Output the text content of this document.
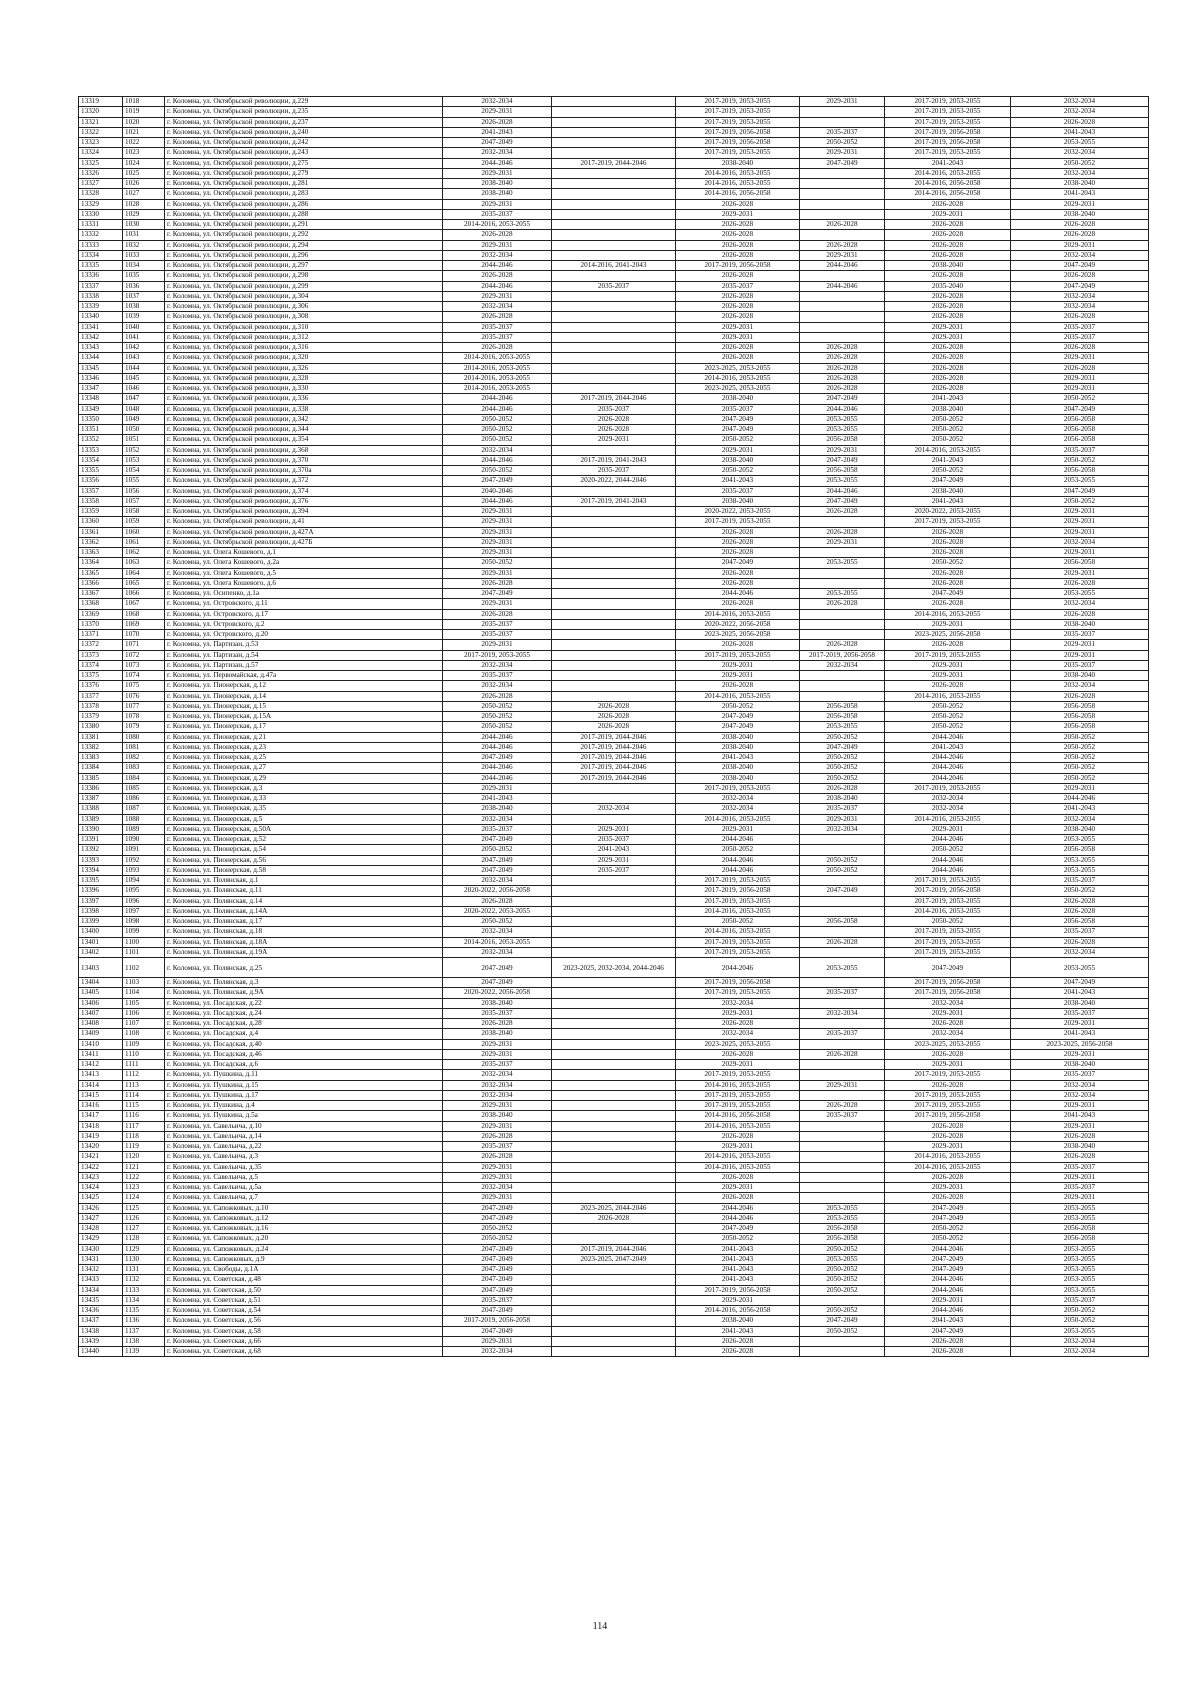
13319	1018	г. Коломна, ул. Октябрьской революции, д.229	2032-2034		2017-2019, 2053-2055	2029-2031	2017-2019, 2053-2055	2032-2034
13320	1019	г. Коломна, ул. Октябрьской революции, д.235	2029-2031		2017-2019, 2053-2055		2017-2019, 2053-2055	2032-2034
13321	1020	г. Коломна, ул. Октябрьской революции, д.237	2026-2028		2017-2019, 2053-2055		2017-2019, 2053-2055	2026-2028
13322	1021	г. Коломна, ул. Октябрьской революции, д.240	2041-2043		2017-2019, 2056-2058	2035-2037	2017-2019, 2056-2058	2041-2043
13323	1022	г. Коломна, ул. Октябрьской революции, д.242	2047-2049		2017-2019, 2056-2058	2050-2052	2017-2019, 2056-2058	2053-2055
13324	1023	г. Коломна, ул. Октябрьской революции, д.243	2032-2034		2017-2019, 2053-2055	2029-2031	2017-2019, 2053-2055	2032-2034
13325	1024	г. Коломна, ул. Октябрьской революции, д.275	2044-2046	2017-2019, 2044-2046	2038-2040	2047-2049	2041-2043	2050-2052
13326	1025	г. Коломна, ул. Октябрьской революции, д.279	2029-2031		2014-2016, 2053-2055		2014-2016, 2053-2055	2032-2034
13327	1026	г. Коломна, ул. Октябрьской революции, д.281	2038-2040		2014-2016, 2053-2055		2014-2016, 2056-2058	2038-2040
13328	1027	г. Коломна, ул. Октябрьской революции, д.283	2038-2040		2014-2016, 2056-2058		2014-2016, 2056-2058	2041-2043
13329	1028	г. Коломна, ул. Октябрьской революции, д.286	2029-2031		2026-2028		2026-2028	2029-2031
13330	1029	г. Коломна, ул. Октябрьской революции, д.288	2035-2037		2029-2031		2029-2031	2038-2040
13331	1030	г. Коломна, ул. Октябрьской революции, д.291	2014-2016, 2053-2055		2026-2028	2026-2028	2026-2028	2026-2028
13332	1031	г. Коломна, ул. Октябрьской революции, д.292	2026-2028		2026-2028		2026-2028	2026-2028
13333	1032	г. Коломна, ул. Октябрьской революции, д.294	2029-2031		2026-2028	2026-2028	2026-2028	2029-2031
13334	1033	г. Коломна, ул. Октябрьской революции, д.296	2032-2034		2026-2028	2029-2031	2026-2028	2032-2034
13335	1034	г. Коломна, ул. Октябрьской революции, д.297	2044-2046	2014-2016, 2041-2043	2017-2019, 2056-2058	2044-2046	2038-2040	2047-2049
13336	1035	г. Коломна, ул. Октябрьской революции, д.298	2026-2028		2026-2028		2026-2028	2026-2028
13337	1036	г. Коломна, ул. Октябрьской революции, д.299	2044-2046	2035-2037	2035-2037	2044-2046	2035-2040	2047-2049
13338	1037	г. Коломна, ул. Октябрьской революции, д.304	2029-2031		2026-2028		2026-2028	2032-2034
13339	1038	г. Коломна, ул. Октябрьской революции, д.306	2032-2034		2026-2028		2026-2028	2032-2034
13340	1039	г. Коломна, ул. Октябрьской революции, д.308	2026-2028		2026-2028		2026-2028	2026-2028
13341	1040	г. Коломна, ул. Октябрьской революции, д.310	2035-2037		2029-2031		2029-2031	2035-2037
13342	1041	г. Коломна, ул. Октябрьской революции, д.312	2035-2037		2029-2031		2029-2031	2035-2037
13343	1042	г. Коломна, ул. Октябрьской революции, д.316	2026-2028		2026-2028	2026-2028	2026-2028	2026-2028
13344	1043	г. Коломна, ул. Октябрьской революции, д.320	2014-2016, 2053-2055		2026-2028	2026-2028	2026-2028	2029-2031
13345	1044	г. Коломна, ул. Октябрьской революции, д.326	2014-2016, 2053-2055		2023-2025, 2053-2055	2026-2028	2026-2028	2026-2028
13346	1045	г. Коломна, ул. Октябрьской революции, д.328	2014-2016, 2053-2055		2014-2016, 2053-2055	2026-2028	2026-2028	2029-2031
13347	1046	г. Коломна, ул. Октябрьской революции, д.330	2014-2016, 2053-2055		2023-2025, 2053-2055	2026-2028	2026-2028	2029-2031
13348	1047	г. Коломна, ул. Октябрьской революции, д.336	2044-2046	2017-2019, 2044-2046	2038-2040	2047-2049	2041-2043	2050-2052
13349	1048	г. Коломна, ул. Октябрьской революции, д.338	2044-2046	2035-2037	2035-2037	2044-2046	2038-2040	2047-2049
13350	1049	г. Коломна, ул. Октябрьской революции, д.342	2050-2052	2026-2028	2047-2049	2053-2055	2050-2052	2056-2058
13351	1050	г. Коломна, ул. Октябрьской революции, д.344	2050-2052	2026-2028	2047-2049	2053-2055	2050-2052	2056-2058
13352	1051	г. Коломна, ул. Октябрьской революции, д.354	2050-2052	2029-2031	2050-2052	2056-2058	2050-2052	2056-2058
13353	1052	г. Коломна, ул. Октябрьской революции, д.368	2032-2034		2029-2031	2029-2031	2014-2016, 2053-2055	2035-2037
13354	1053	г. Коломна, ул. Октябрьской революции, д.370	2044-2046	2017-2019, 2041-2043	2038-2040	2047-2049	2041-2043	2050-2052
13355	1054	г. Коломна, ул. Октябрьской революции, д.370а	2050-2052	2035-2037	2050-2052	2056-2058	2050-2052	2056-2058
13356	1055	г. Коломна, ул. Октябрьской революции, д.372	2047-2049	2020-2022, 2044-2046	2041-2043	2053-2055	2047-2049	2053-2055
13357	1056	г. Коломна, ул. Октябрьской революции, д.374	2040-2046		2035-2037	2044-2046	2038-2040	2047-2049
13358	1057	г. Коломна, ул. Октябрьской революции, д.376	2044-2046	2017-2019, 2041-2043	2038-2040	2047-2049	2041-2043	2050-2052
13359	1058	г. Коломна, ул. Октябрьской революции, д.394	2029-2031		2020-2022, 2053-2055	2026-2028	2020-2022, 2053-2055	2029-2031
13360	1059	г. Коломна, ул. Октябрьской революции, д.41	2029-2031		2017-2019, 2053-2055		2017-2019, 2053-2055	2029-2031
13361	1060	г. Коломна, ул. Октябрьской революции, д.427А	2029-2031		2026-2028	2026-2028	2026-2028	2029-2031
13362	1061	г. Коломна, ул. Октябрьской революции, д.427Б	2029-2031		2026-2028	2029-2031	2026-2028	2032-2034
13363	1062	г. Коломна, ул. Олега Кошевого, д.1	2029-2031		2026-2028		2026-2028	2029-2031
13364	1063	г. Коломна, ул. Олега Кошевого, д.2а	2050-2052		2047-2049	2053-2055	2050-2052	2056-2058
13365	1064	г. Коломна, ул. Олега Кошевого, д.5	2029-2031		2026-2028		2026-2028	2029-2031
13366	1065	г. Коломна, ул. Олега Кошевого, д.6	2026-2028		2026-2028		2026-2028	2026-2028
13367	1066	г. Коломна, ул. Осипенко, д.1а	2047-2049		2044-2046	2053-2055	2047-2049	2053-2055
13368	1067	г. Коломна, ул. Островского, д.11	2029-2031		2026-2028	2026-2028	2026-2028	2032-2034
13369	1068	г. Коломна, ул. Островского, д.17	2026-2028		2014-2016, 2053-2055		2014-2016, 2053-2055	2026-2028
13370	1069	г. Коломна, ул. Островского, д.2	2035-2037		2020-2022, 2056-2058		2029-2031	2038-2040
13371	1070	г. Коломна, ул. Островского, д.20	2035-2037		2023-2025, 2056-2058		2023-2025, 2056-2058	2035-2037
13372	1071	г. Коломна, ул. Партизан, д.53	2029-2031		2026-2028	2026-2028	2026-2028	2029-2031
13373	1072	г. Коломна, ул. Партизан, д.54	2017-2019, 2053-2055		2017-2019, 2053-2055	2017-2019, 2056-2058	2017-2019, 2053-2055	2029-2031
13374	1073	г. Коломна, ул. Партизан, д.57	2032-2034		2029-2031	2032-2034	2029-2031	2035-2037
13375	1074	г. Коломна, ул. Первомайская, д.47а	2035-2037		2029-2031		2029-2031	2038-2040
13376	1075	г. Коломна, ул. Пионерская, д.12	2032-2034		2026-2028		2026-2028	2032-2034
13377	1076	г. Коломна, ул. Пионерская, д.14	2026-2028		2014-2016, 2053-2055		2014-2016, 2053-2055	2026-2028
13378	1077	г. Коломна, ул. Пионерская, д.15	2050-2052	2026-2028	2050-2052	2056-2058	2050-2052	2056-2058
13379	1078	г. Коломна, ул. Пионерская, д.15А	2050-2052	2026-2028	2047-2049	2056-2058	2050-2052	2056-2058
13380	1079	г. Коломна, ул. Пионерская, д.17	2050-2052	2026-2028	2047-2049	2053-2055	2050-2052	2056-2058
13381	1080	г. Коломна, ул. Пионерская, д.21	2044-2046	2017-2019, 2044-2046	2038-2040	2050-2052	2044-2046	2050-2052
13382	1081	г. Коломна, ул. Пионерская, д.23	2044-2046	2017-2019, 2044-2046	2038-2040	2047-2049	2041-2043	2050-2052
13383	1082	г. Коломна, ул. Пионерская, д.25	2047-2049	2017-2019, 2044-2046	2041-2043	2050-2052	2044-2046	2050-2052
13384	1083	г. Коломна, ул. Пионерская, д.27	2044-2046	2017-2019, 2044-2046	2038-2040	2050-2052	2044-2046	2050-2052
13385	1084	г. Коломна, ул. Пионерская, д.29	2044-2046	2017-2019, 2044-2046	2038-2040	2050-2052	2044-2046	2050-2052
13386	1085	г. Коломна, ул. Пионерская, д.3	2029-2031		2017-2019, 2053-2055	2026-2028	2017-2019, 2053-2055	2029-2031
13387	1086	г. Коломна, ул. Пионерская, д.33	2041-2043		2032-2034	2038-2040	2032-2034	2044-2046
13388	1087	г. Коломна, ул. Пионерская, д.35	2038-2040	2032-2034	2032-2034	2035-2037	2032-2034	2041-2043
13389	1088	г. Коломна, ул. Пионерская, д.5	2032-2034		2014-2016, 2053-2055	2029-2031	2014-2016, 2053-2055	2032-2034
13390	1089	г. Коломна, ул. Пионерская, д.50А	2035-2037	2029-2031	2029-2031	2032-2034	2029-2031	2038-2040
13391	1090	г. Коломна, ул. Пионерская, д.52	2047-2049	2035-2037	2044-2046		2044-2046	2053-2055
13392	1091	г. Коломна, ул. Пионерская, д.54	2050-2052	2041-2043	2050-2052		2050-2052	2056-2058
13393	1092	г. Коломна, ул. Пионерская, д.56	2047-2049	2029-2031	2044-2046	2050-2052	2044-2046	2053-2055
13394	1093	г. Коломна, ул. Пионерская, д.58	2047-2049	2035-2037	2044-2046	2050-2052	2044-2046	2053-2055
13395	1094	г. Коломна, ул. Полянская, д.1	2032-2034		2017-2019, 2053-2055		2017-2019, 2053-2055	2035-2037
13396	1095	г. Коломна, ул. Полянская, д.11	2020-2022, 2056-2058		2017-2019, 2056-2058	2047-2049	2017-2019, 2056-2058	2050-2052
13397	1096	г. Коломна, ул. Полянская, д.14	2026-2028		2017-2019, 2053-2055		2017-2019, 2053-2055	2026-2028
13398	1097	г. Коломна, ул. Полянская, д.14А	2020-2022, 2053-2055		2014-2016, 2053-2055		2014-2016, 2053-2055	2026-2028
13399	1098	г. Коломна, ул. Полянская, д.17	2050-2052		2050-2052	2056-2058	2050-2052	2056-2058
13400	1099	г. Коломна, ул. Полянская, д.18	2032-2034		2014-2016, 2053-2055		2017-2019, 2053-2055	2035-2037
13401	1100	г. Коломна, ул. Полянская, д.18А	2014-2016, 2053-2055		2017-2019, 2053-2055	2026-2028	2017-2019, 2053-2055	2026-2028
13402	1101	г. Коломна, ул. Полянская, д.19А	2032-2034		2017-2019, 2053-2055		2017-2019, 2053-2055	2032-2034
13403	1102	г. Коломна, ул. Полянская, д.25	2047-2049	2023-2025, 2032-2034, 2044-2046	2044-2046	2053-2055	2047-2049	2053-2055
13404	1103	г. Коломна, ул. Полянская, д.3	2047-2049		2017-2019, 2056-2058		2017-2019, 2056-2058	2047-2049
13405	1104	г. Коломна, ул. Полянская, д.9А	2020-2022, 2056-2058		2017-2019, 2053-2055	2035-2037	2017-2019, 2056-2058	2041-2043
13406	1105	г. Коломна, ул. Посадская, д.22	2038-2040		2032-2034		2032-2034	2038-2040
13407	1106	г. Коломна, ул. Посадская, д.24	2035-2037		2029-2031	2032-2034	2029-2031	2035-2037
13408	1107	г. Коломна, ул. Посадская, д.28	2026-2028		2026-2028		2026-2028	2029-2031
13409	1108	г. Коломна, ул. Посадская, д.4	2038-2040		2032-2034	2035-2037	2032-2034	2041-2043
13410	1109	г. Коломна, ул. Посадская, д.40	2029-2031		2023-2025, 2053-2055		2023-2025, 2053-2055	2023-2025, 2056-2058
13411	1110	г. Коломна, ул. Посадская, д.46	2029-2031		2026-2028	2026-2028	2026-2028	2029-2031
13412	1111	г. Коломна, ул. Посадская, д.6	2035-2037		2029-2031		2029-2031	2038-2040
13413	1112	г. Коломна, ул. Пушкина, д.11	2032-2034		2017-2019, 2053-2055		2017-2019, 2053-2055	2035-2037
13414	1113	г. Коломна, ул. Пушкина, д.15	2032-2034		2014-2016, 2053-2055	2029-2031	2026-2028	2032-2034
13415	1114	г. Коломна, ул. Пушкина, д.17	2032-2034		2017-2019, 2053-2055		2017-2019, 2053-2055	2032-2034
13416	1115	г. Коломна, ул. Пушкина, д.4	2029-2031		2017-2019, 2053-2055	2026-2028	2017-2019, 2053-2055	2029-2031
13417	1116	г. Коломна, ул. Пушкина, д.5а	2038-2040		2014-2016, 2056-2058	2035-2037	2017-2019, 2056-2058	2041-2043
13418	1117	г. Коломна, ул. Савельича, д.10	2029-2031		2014-2016, 2053-2055		2026-2028	2029-2031
13419	1118	г. Коломна, ул. Савельича, д.14	2026-2028		2026-2028		2026-2028	2026-2028
13420	1119	г. Коломна, ул. Савельича, д.22	2035-2037		2029-2031		2029-2031	2038-2040
13421	1120	г. Коломна, ул. Савельича, д.3	2026-2028		2014-2016, 2053-2055		2014-2016, 2053-2055	2026-2028
13422	1121	г. Коломна, ул. Савельича, д.35	2029-2031		2014-2016, 2053-2055		2014-2016, 2053-2055	2035-2037
13423	1122	г. Коломна, ул. Савельича, д.5	2029-2031		2026-2028		2026-2028	2029-2031
13424	1123	г. Коломна, ул. Савельича, д.5а	2032-2034		2029-2031		2029-2031	2035-2037
13425	1124	г. Коломна, ул. Савельича, д.7	2029-2031		2026-2028		2026-2028	2029-2031
13426	1125	г. Коломна, ул. Сапожковых, д.10	2047-2049	2023-2025, 2044-2046	2044-2046	2053-2055	2047-2049	2053-2055
13427	1126	г. Коломна, ул. Сапожковых, д.12	2047-2049	2026-2028	2044-2046	2053-2055	2047-2049	2053-2055
13428	1127	г. Коломна, ул. Сапожковых, д.16	2050-2052		2047-2049	2056-2058	2050-2052	2056-2058
13429	1128	г. Коломна, ул. Сапожковых, д.20	2050-2052		2050-2052	2056-2058	2050-2052	2056-2058
13430	1129	г. Коломна, ул. Сапожковых, д.24	2047-2049	2017-2019, 2044-2046	2041-2043	2050-2052	2044-2046	2053-2055
13431	1130	г. Коломна, ул. Сапожковых, д.9	2047-2049	2023-2025, 2047-2049	2041-2043	2053-2055	2047-2049	2053-2055
13432	1131	г. Коломна, ул. Свободы, д.1А	2047-2049		2041-2043	2050-2052	2047-2049	2053-2055
13433	1132	г. Коломна, ул. Советская, д.48	2047-2049		2041-2043	2050-2052	2044-2046	2053-2055
13434	1133	г. Коломна, ул. Советская, д.50	2047-2049		2017-2019, 2056-2058	2050-2052	2044-2046	2053-2055
13435	1134	г. Коломна, ул. Советская, д.51	2035-2037		2029-2031		2029-2031	2035-2037
13436	1135	г. Коломна, ул. Советская, д.54	2047-2049		2014-2016, 2056-2058	2050-2052	2044-2046	2050-2052
13437	1136	г. Коломна, ул. Советская, д.56	2017-2019, 2056-2058		2038-2040	2047-2049	2041-2043	2050-2052
13438	1137	г. Коломна, ул. Советская, д.58	2047-2049		2041-2043	2050-2052	2047-2049	2053-2055
13439	1138	г. Коломна, ул. Советская, д.66	2029-2031		2026-2028		2026-2028	2032-2034
13440	1139	г. Коломна, ул. Советская, д.68	2032-2034		2026-2028		2026-2028	2032-2034
114
